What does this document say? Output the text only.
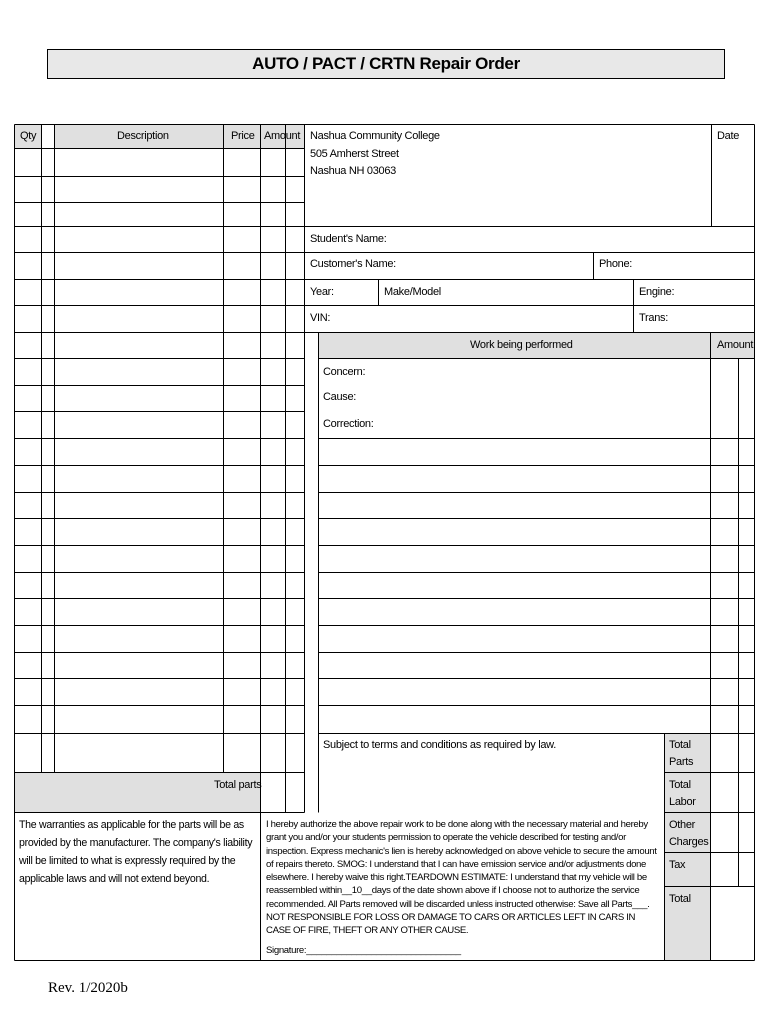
AUTO / PACT / CRTN Repair Order
Qty	Description	Price Amount
Total parts
Nashua Community College
505 Amherst Street
Nashua NH 03063
Date
Student's Name:
Customer's Name:	Phone:
Year:	Make/Model	Engine:
VIN:	Trans:
Work being performed	Amount
Concern:
Cause:
Correction:
Subject to terms and conditions as required by law.	Total
Parts
Total
Labor
Other
Charges
Tax
Total
The warranties as applicable for the parts will be as provided by the manufacturer. The company's liability will be limited to what is expressly required by the applicable laws and will not extend beyond.
I hereby authorize the above repair work to be done along with the necessary material and hereby grant you and/or your students permission to operate the vehicle described for testing and/or inspection. Express mechanic's lien is hereby acknowledged on above vehicle to secure the amount of repairs thereto. SMOG: I understand that I can have emission service and/or adjustments done elsewhere. I hereby waive this right.TEARDOWN ESTIMATE: I understand that my vehicle will be reassembled within__10__days of the date shown above if I choose not to authorize the service recommended. All Parts removed will be discarded unless instructed otherwise: Save all Parts___. NOT RESPONSIBLE FOR LOSS OR DAMAGE TO CARS OR ARTICLES LEFT IN CARS IN CASE OF FIRE, THEFT OR ANY OTHER CAUSE.
Signature:_______________________________
Rev. 1/2020b
